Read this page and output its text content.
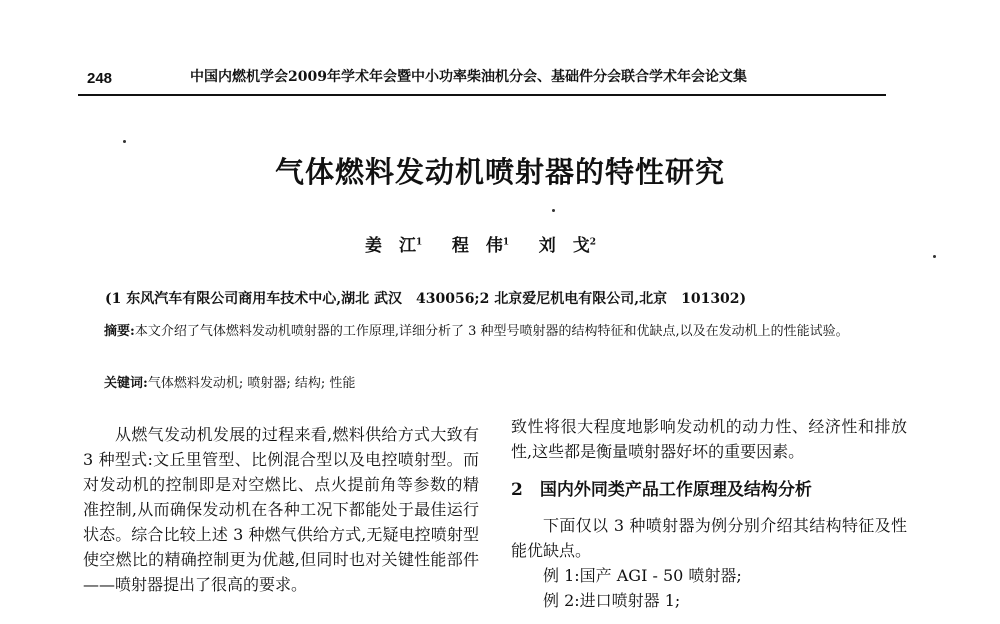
248	中国内燃机学会2009年学术年会暨中小功率柴油机分会、基础件分会联合学术年会论文集
气体燃料发动机喷射器的特性研究
姜　江$^1$ 程　伟$^1$ 刘　戈$^2$
(1 东风汽车有限公司商用车技术中心,湖北 武汉　430056;2 北京爱尼机电有限公司,北京　101302)

摘要:本文介绍了气体燃料发动机喷射器的工作原理,详细分析了 3 种型号喷射器的结构特征和优缺点,以及在发动机上的性能试验。

关键词:气体燃料发动机; 喷射器; 结构; 性能

从燃气发动机发展的过程来看,燃料供给方式大致有 3 种型式:文丘里管型、比例混合型以及电控喷射型。而对发动机的控制即是对空燃比、点火提前角等参数的精准控制,从而确保发动机在各种工况下都能处于最佳运行状态。综合比较上述 3 种燃气供给方式,无疑电控喷射型使空燃比的精确控制更为优越,但同时也对关键性能部件——喷射器提出了很高的要求。

致性将很大程度地影响发动机的动力性、经济性和排放性,这些都是衡量喷射器好坏的重要因素。

2　国内外同类产品工作原理及结构分析

下面仅以 3 种喷射器为例分别介绍其结构特征及性能优缺点。

例 1:国产 AGI - 50 喷射器;

例 2:进口喷射器 1;
